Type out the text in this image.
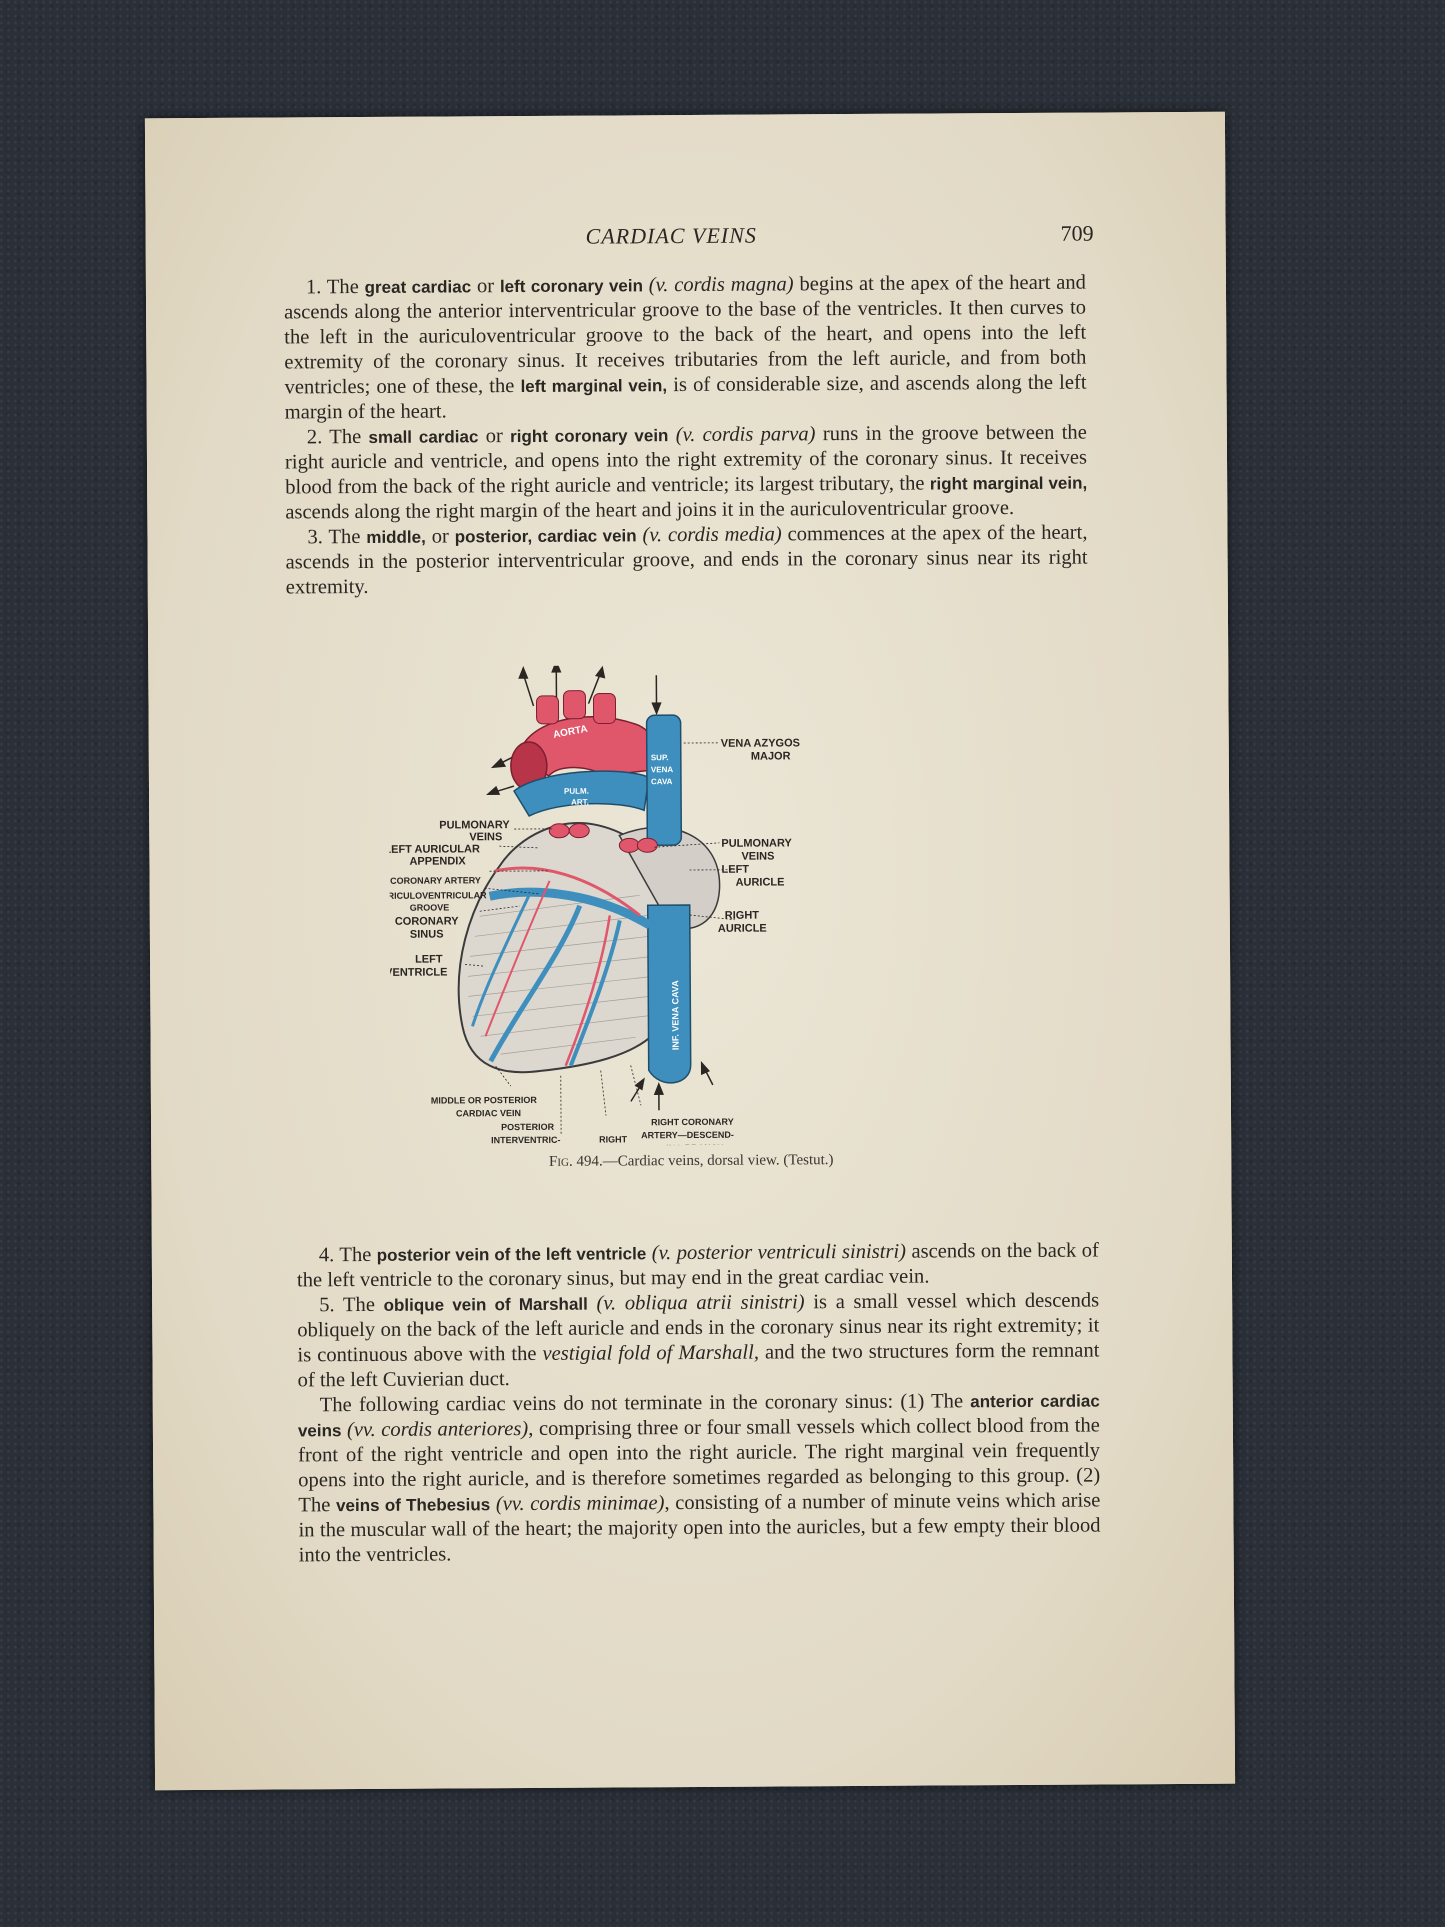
CARDIAC VEINS	709

1. The great cardiac or left coronary vein (v. cordis magna) begins at the apex of the heart and ascends along the anterior interventricular groove to the base of the ventricles. It then curves to the left in the auriculoventricular groove to the back of the heart, and opens into the left extremity of the coronary sinus. It receives tributaries from the left auricle, and from both ventricles; one of these, the left marginal vein, is of considerable size, and ascends along the left margin of the heart.

2. The small cardiac or right coronary vein (v. cordis parva) runs in the groove between the right auricle and ventricle, and opens into the right extremity of the coronary sinus. It receives blood from the back of the right auricle and ventricle; its largest tributary, the right marginal vein, ascends along the right margin of the heart and joins it in the auriculoventricular groove.

3. The middle, or posterior, cardiac vein (v. cordis media) commences at the apex of the heart, ascends in the posterior interventricular groove, and ends in the coronary sinus near its right extremity.

AORTA
SUP.
VENA
CAVA
PULM.
ART.
INF. VENA CAVA
PULMONARY
VEINS
LEFT AURICULAR
APPENDIX
CORONARY ARTERY
AURICULOVENTRICULAR
GROOVE
CORONARY
SINUS
LEFT
VENTRICLE
VENA AZYGOS
MAJOR
PULMONARY
VEINS
LEFT
AURICLE
RIGHT
AURICLE
MIDDLE OR POSTERIOR
CARDIAC VEIN
POSTERIOR
INTERVENTRIC-	RIGHT
RIGHT CORONARY
ARTERY—DESCEND-
Fig. 494.—Cardiac veins, dorsal view. (Testut.)

4. The posterior vein of the left ventricle (v. posterior ventriculi sinistri) ascends on the back of the left ventricle to the coronary sinus, but may end in the great cardiac vein.

5. The oblique vein of Marshall (v. obliqua atrii sinistri) is a small vessel which descends obliquely on the back of the left auricle and ends in the coronary sinus near its right extremity; it is continuous above with the vestigial fold of Marshall, and the two structures form the remnant of the left Cuvierian duct.

The following cardiac veins do not terminate in the coronary sinus: (1) The anterior cardiac veins (vv. cordis anteriores), comprising three or four small vessels which collect blood from the front of the right ventricle and open into the right auricle. The right marginal vein frequently opens into the right auricle, and is therefore sometimes regarded as belonging to this group. (2) The veins of Thebesius (vv. cordis minimae), consisting of a number of minute veins which arise in the muscular wall of the heart; the majority open into the auricles, but a few empty their blood into the ventricles.
